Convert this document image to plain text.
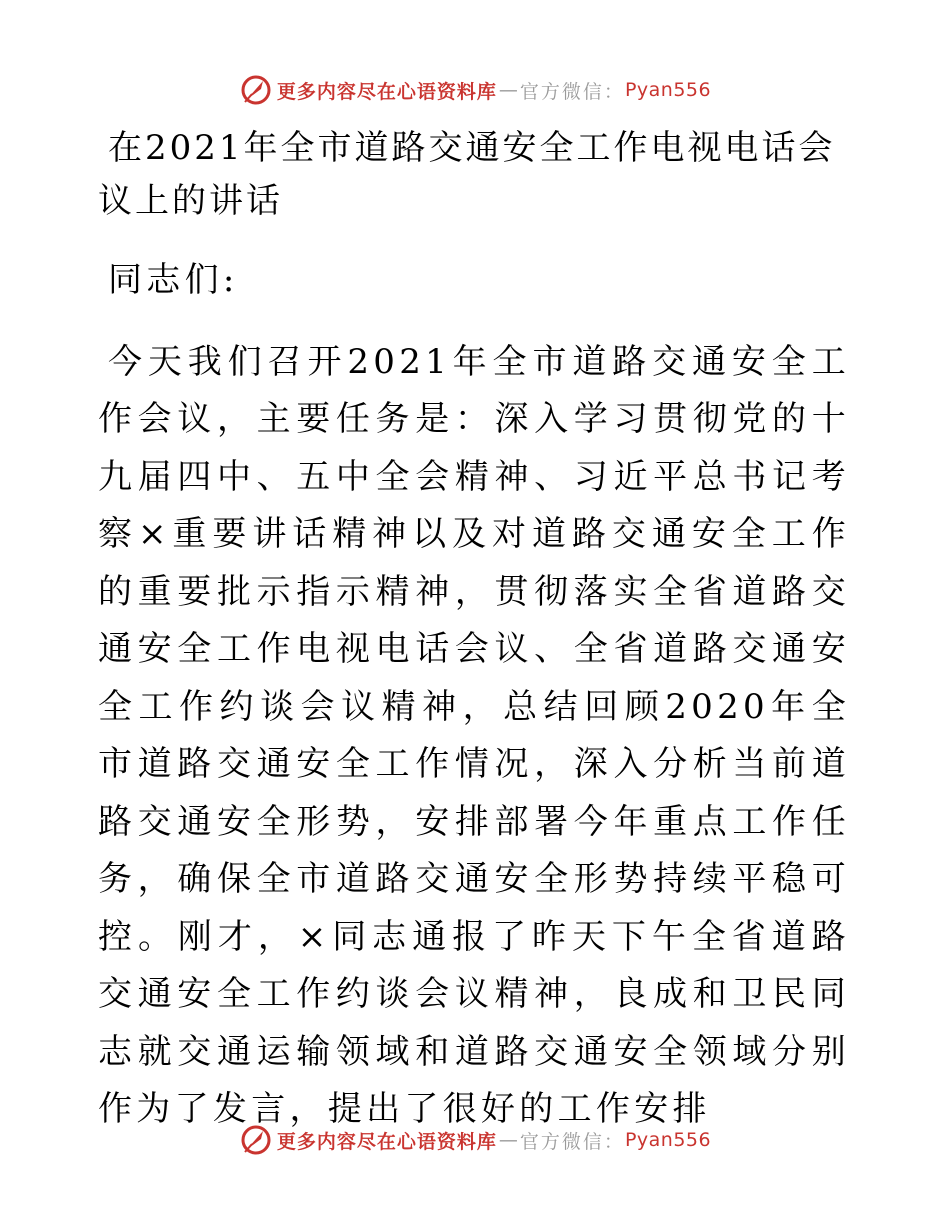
更多内容尽在心语资料库 — 官方微信： Pyan556
在2021年全市道路交通安全工作电视电话会议上的讲话

同志们:

今天我们召开2021年全市道路交通安全工作会议，主要任务是：深入学习贯彻党的十九届四中、五中全会精神、习近平总书记考察×重要讲话精神以及对道路交通安全工作的重要批示指示精神，贯彻落实全省道路交通安全工作电视电话会议、全省道路交通安全工作约谈会议精神，总结回顾2020年全市道路交通安全工作情况，深入分析当前道路交通安全形势，安排部署今年重点工作任务，确保全市道路交通安全形势持续平稳可控。刚才，×同志通报了昨天下午全省道路交通安全工作约谈会议精神，良成和卫民同志就交通运输领域和道路交通安全领域分别作为了发言，提出了很好的工作安排

更多内容尽在心语资料库 — 官方微信： Pyan556
